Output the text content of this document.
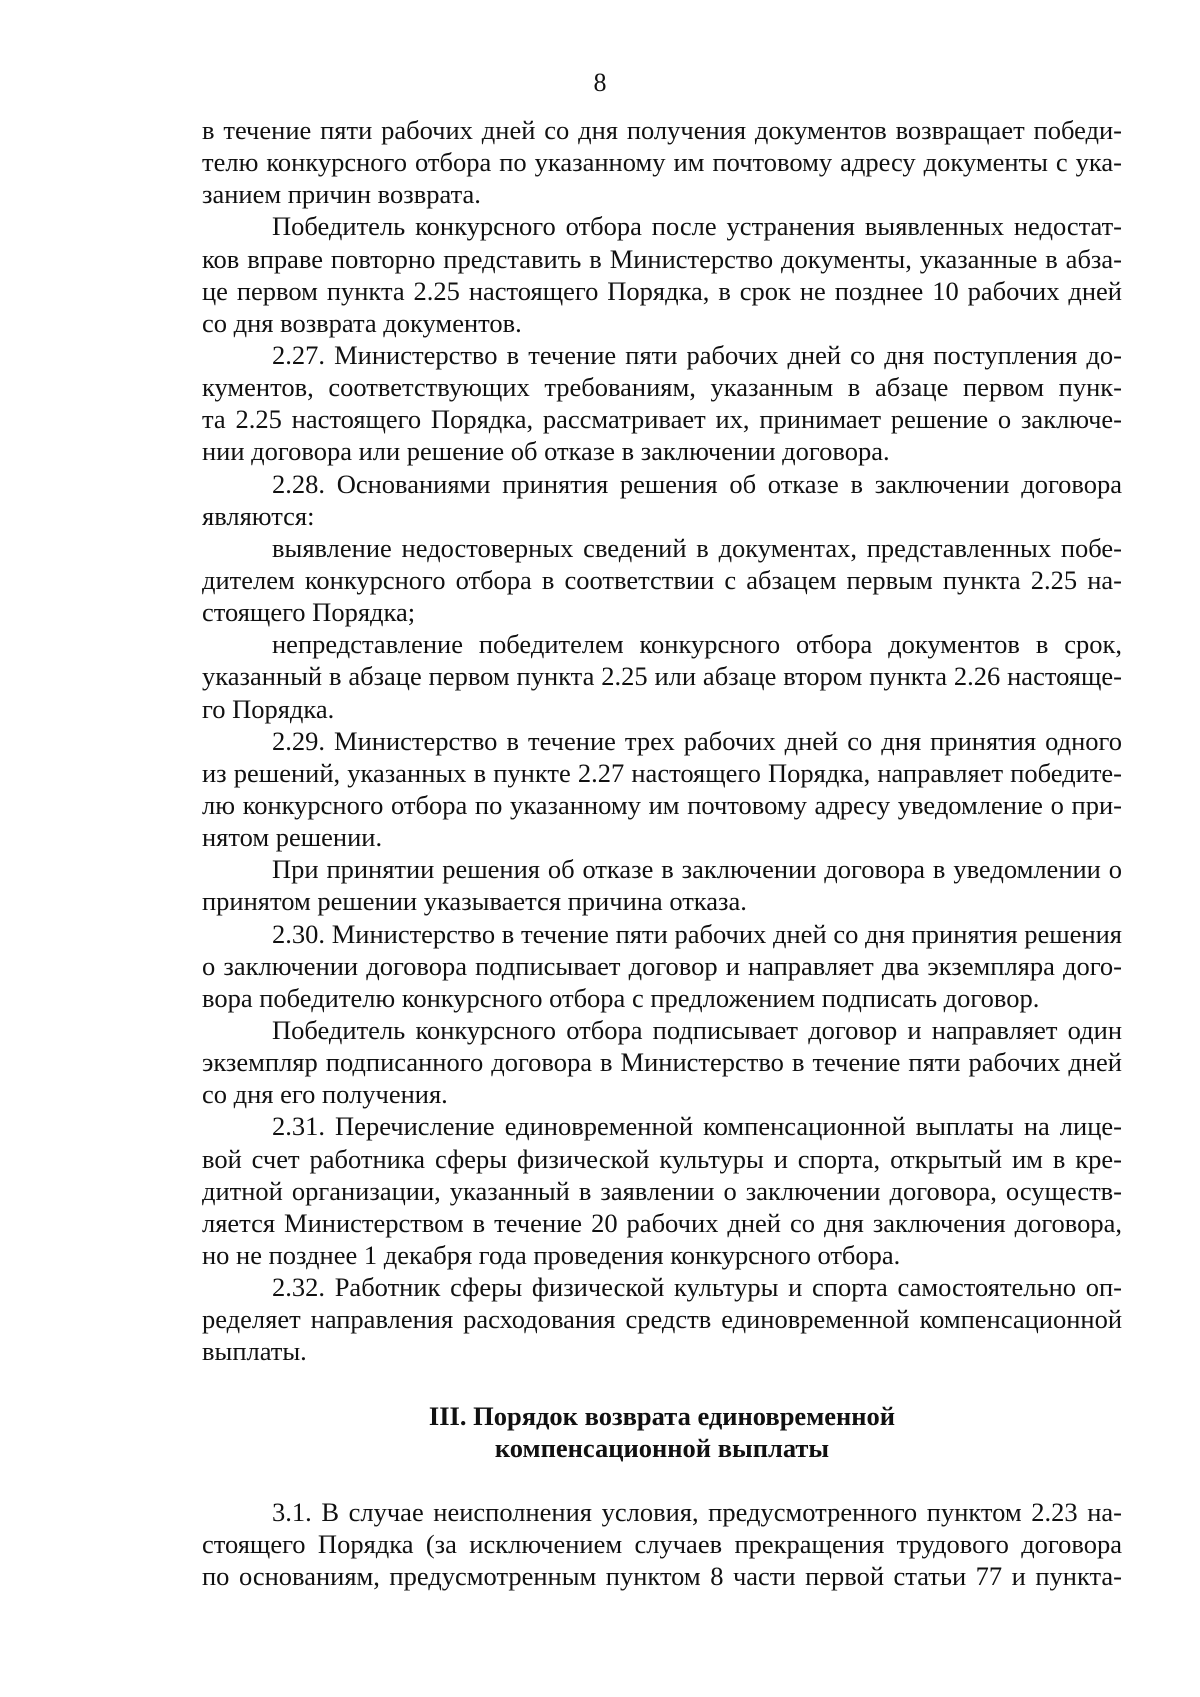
8
в течение пяти рабочих дней со дня получения документов возвращает победи-
телю конкурсного отбора по указанному им почтовому адресу документы с ука-
занием причин возврата.
Победитель конкурсного отбора после устранения выявленных недостат-
ков вправе повторно представить в Министерство документы, указанные в абза-
це первом пункта 2.25 настоящего Порядка, в срок не позднее 10 рабочих дней
со дня возврата документов.
2.27. Министерство в течение пяти рабочих дней со дня поступления до-
кументов, соответствующих требованиям, указанным в абзаце первом пунк-
та 2.25 настоящего Порядка, рассматривает их, принимает решение о заключе-
нии договора или решение об отказе в заключении договора.
2.28. Основаниями принятия решения об отказе в заключении договора
являются:
выявление недостоверных сведений в документах, представленных побе-
дителем конкурсного отбора в соответствии с абзацем первым пункта 2.25 на-
стоящего Порядка;
непредставление победителем конкурсного отбора документов в срок,
указанный в абзаце первом пункта 2.25 или абзаце втором пункта 2.26 настояще-
го Порядка.
2.29. Министерство в течение трех рабочих дней со дня принятия одного
из решений, указанных в пункте 2.27 настоящего Порядка, направляет победите-
лю конкурсного отбора по указанному им почтовому адресу уведомление о при-
нятом решении.
При принятии решения об отказе в заключении договора в уведомлении о
принятом решении указывается причина отказа.
2.30. Министерство в течение пяти рабочих дней со дня принятия решения
о заключении договора подписывает договор и направляет два экземпляра дого-
вора победителю конкурсного отбора с предложением подписать договор.
Победитель конкурсного отбора подписывает договор и направляет один
экземпляр подписанного договора в Министерство в течение пяти рабочих дней
со дня его получения.
2.31. Перечисление единовременной компенсационной выплаты на лице-
вой счет работника сферы физической культуры и спорта, открытый им в кре-
дитной организации, указанный в заявлении о заключении договора, осуществ-
ляется Министерством в течение 20 рабочих дней со дня заключения договора,
но не позднее 1 декабря года проведения конкурсного отбора.
2.32. Работник сферы физической культуры и спорта самостоятельно оп-
ределяет направления расходования средств единовременной компенсационной
выплаты.
III. Порядок возврата единовременной
компенсационной выплаты
3.1. В случае неисполнения условия, предусмотренного пунктом 2.23 на-
стоящего Порядка (за исключением случаев прекращения трудового договора
по основаниям, предусмотренным пунктом 8 части первой статьи 77 и пункта-
